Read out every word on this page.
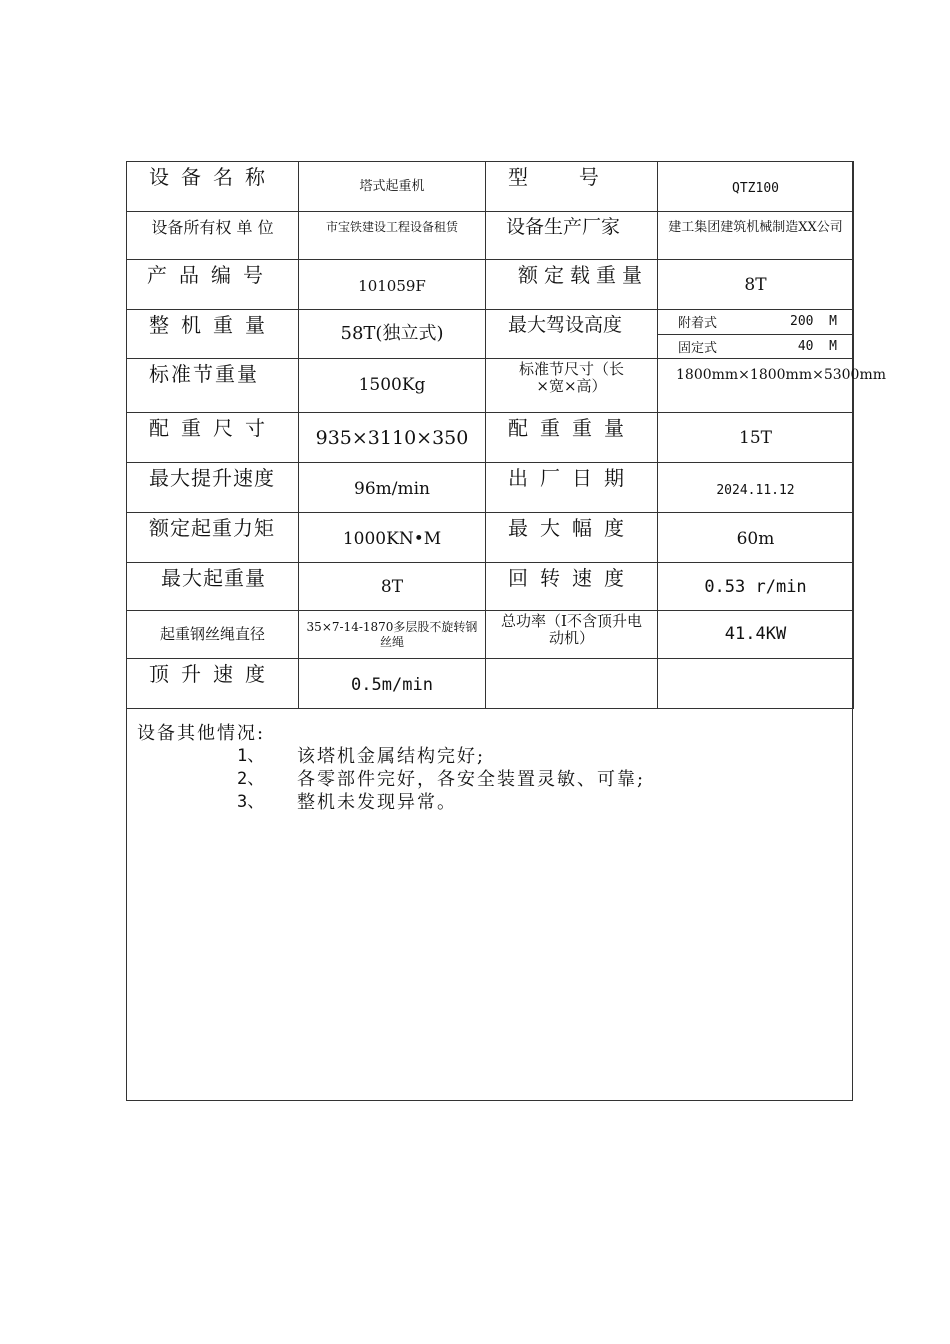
设备名称	塔式起重机	型        号	QTZ100

设备所有权 单 位	市宝铁建设工程设备租赁	设备生产厂家	建工集团建筑机械制造XX公司

产品编号	101059F	额定载重量	8T

整机重量	58T(独立式)	最大驾设高度	附着式 200  M
固定式 40  M

标准节重量	1500Kg	标准节尺寸（长×宽×高）	1800mm×1800mm×5300mm

配重尺寸	935×3110×350	配重重量	15T

最大提升速度	96m/min	出厂日期	2024.11.12

额定起重力矩	1000KN•M	最大幅度	60m

最大起重量	8T	回转速度	0.53 r/min

起重钢丝绳直径	35×7-14-1870多层股不旋转钢丝绳	总功率（I不含顶升电动机）	41.4KW

顶升速度	0.5m/min		

设备其他情况:
1、	该塔机金属结构完好;
2、	各零部件完好，各安全装置灵敏、可靠;
3、	整机未发现异常。
